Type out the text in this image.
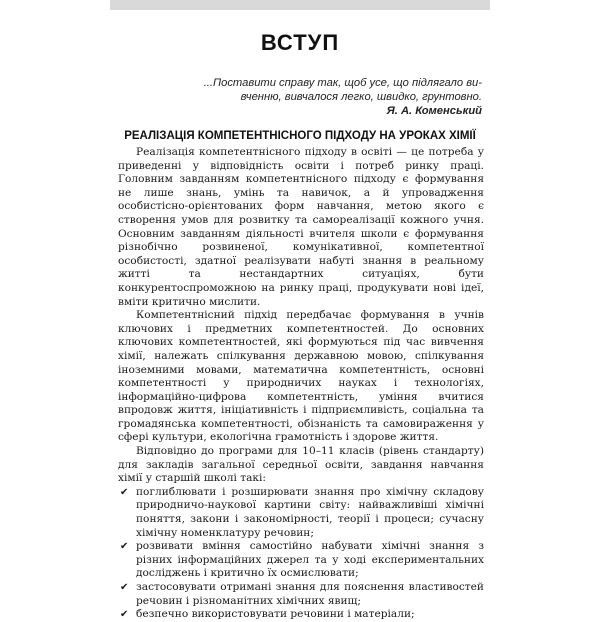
ВСТУП
...Поставити справу так, щоб усе, що підлягало ви-
вченню, вивчалося легко, швидко, грунтовно.
Я. А. Коменський
РЕАЛІЗАЦІЯ КОМПЕТЕНТНІСНОГО ПІДХОДУ НА УРОКАХ ХІМІЇ

Реалізація компетентнісного підходу в освіті — це потреба у приведенні у відповідність освіти і потреб ринку праці. Головним завданням компетентнісного підходу є формування не лише знань, умінь та навичок, а й упровадження особистісно-орієнтованих форм навчання, метою якого є створення умов для розвитку та самореалізації кожного учня. Основним завданням діяльності вчителя школи є формування різнобічно розвиненої, комунікативної, компетентної особистості, здатної реалізувати набуті знання в реальному житті та нестандартних ситуаціях, бути конкурентоспроможною на ринку праці, продукувати нові ідеї, вміти критично мислити.

Компетентнісний підхід передбачає формування в учнів ключових і предметних компетентностей. До основних ключових компетентностей, які формуються під час вивчення хімії, належать спілкування державною мовою, спілкування іноземними мовами, математична компетентність, основні компетентності у природничих науках і технологіях, інформаційно-цифрова компетентність, уміння вчитися впродовж життя, ініціативність і підприємливість, соціальна та громадянська компетентності, обізнаність та самовираження у сфері культури, екологічна грамотність і здорове життя.

Відповідно до програми для 10–11 класів (рівень стандарту) для закладів загальної середньої освіти, завдання навчання хімії у старшій школі такі:

✔ поглиблювати і розширювати знання про хімічну складову природничо-наукової картини світу: найважливіші хімічні поняття, закони і закономірності, теорії і процеси; сучасну хімічну номенклатуру речовин;
✔ розвивати вміння самостійно набувати хімічні знання з різних інформаційних джерел та у ході експериментальних досліджень і критично їх осмислювати;
✔ застосовувати отримані знання для пояснення властивостей речовин і різноманітних хімічних явищ;
✔ безпечно використовувати речовини і матеріали;
